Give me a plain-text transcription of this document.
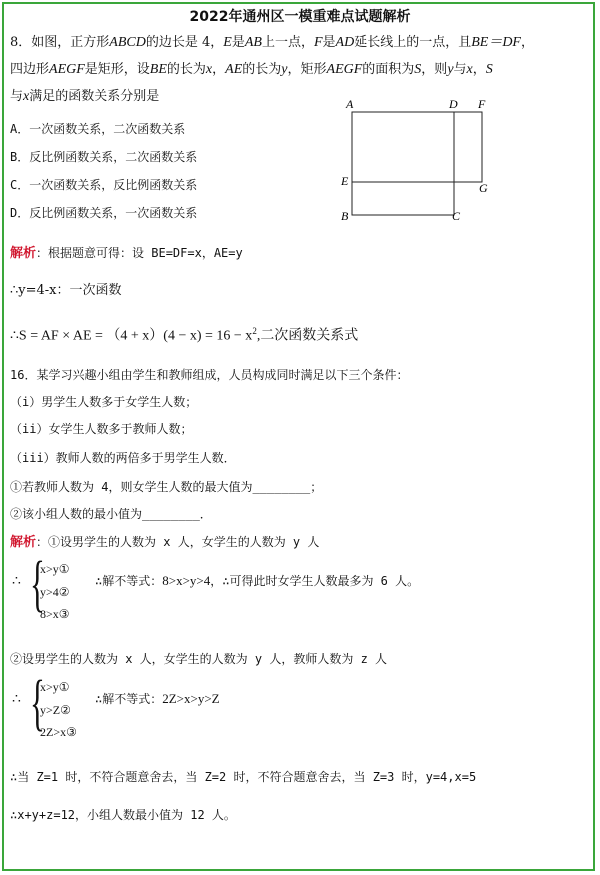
2022年通州区一模重难点试题解析
8．如图，正方形ABCD的边长是 4，E是AB上一点，F是AD延长线上的一点，且BE＝DF，
四边形AEGF是矩形，设BE的长为x，AE的长为y，矩形AEGF的面积为S，则y与x，S
与x满足的函数关系分别是
A．一次函数关系，二次函数关系
B．反比例函数关系，二次函数关系
C．一次函数关系，反比例函数关系
D．反比例函数关系，一次函数关系
A	D F
E	G
B	C
解析：根据题意可得：设 BE=DF=x，AE=y
∴y=4-x：一次函数
∴S = AF × AE = $(4 + x)(4 - x) = 16 - x^2$,二次函数关系式
16．某学习兴趣小组由学生和教师组成，人员构成同时满足以下三个条件：
（i）男学生人数多于女学生人数；
（ii）女学生人数多于教师人数；
（iii）教师人数的两倍多于男学生人数．
①若教师人数为 4，则女学生人数的最大值为________；
②该小组人数的最小值为________．
解析：①设男学生的人数为 x 人，女学生的人数为 y 人
∴ {
x>y①
y>4②
8>x③
∴解不等式：8>x>y>4，∴可得此时女学生人数最多为 6 人。
②设男学生的人数为 x 人，女学生的人数为 y 人，教师人数为 z 人
∴ {
x>y①
y>Z②
2Z>x③
∴解不等式：2Z>x>y>Z
∴当 Z=1 时，不符合题意舍去，当 Z=2 时，不符合题意舍去，当 Z=3 时，y=4,x=5
∴x+y+z=12，小组人数最小值为 12 人。
